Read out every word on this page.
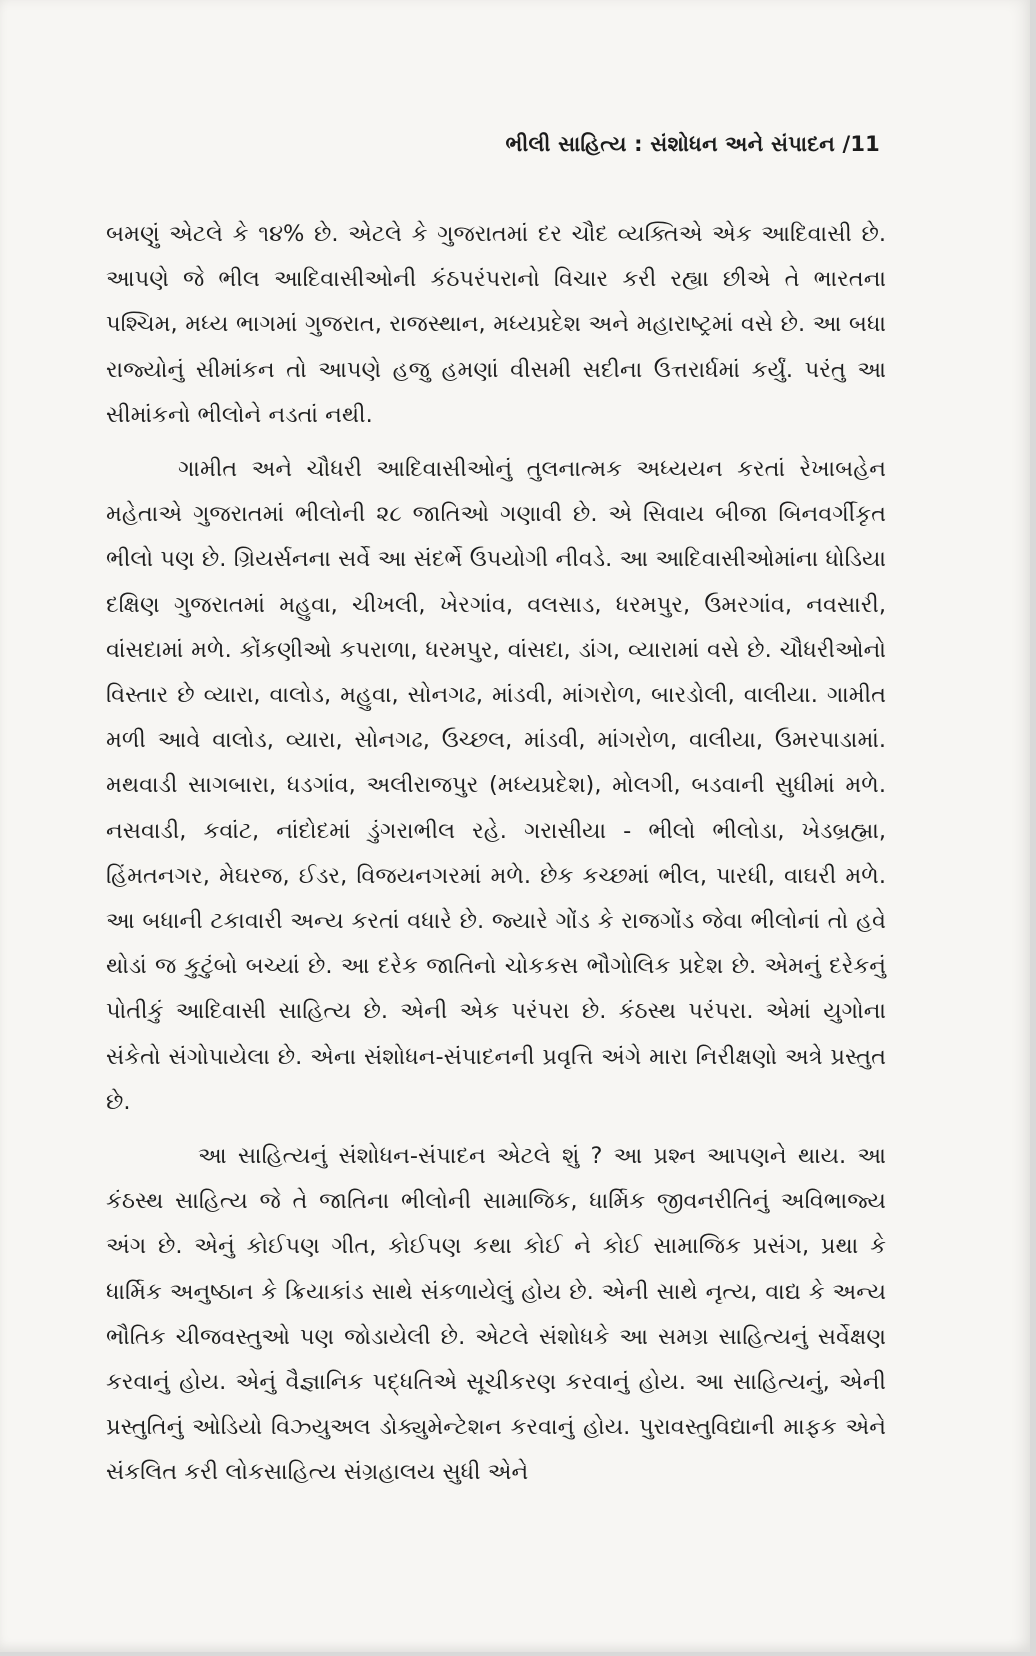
ભીલી સાહિત્ય : સંશોધન અને સંપાદન /11

બમણું એટલે કે ૧૪% છે. એટલે કે ગુજરાતમાં દર ચૌદ વ્યક્તિએ એક આદિવાસી છે. આપણે જે ભીલ આદિવાસીઓની કંઠપરંપરાનો વિચાર કરી રહ્યા છીએ તે ભારતના પશ્ચિમ, મધ્ય ભાગમાં ગુજરાત, રાજસ્થાન, મધ્યપ્રદેશ અને મહારાષ્ટ્રમાં વસે છે. આ બધા રાજ્યોનું સીમાંકન તો આપણે હજુ હમણાં વીસમી સદીના ઉત્તરાર્ધમાં કર્યું. પરંતુ આ સીમાંકનો ભીલોને નડતાં નથી.

ગામીત અને ચૌધરી આદિવાસીઓનું તુલનાત્મક અધ્યયન કરતાં રેખાબહેન મહેતાએ ગુજરાતમાં ભીલોની ૨૮ જાતિઓ ગણાવી છે. એ સિવાય બીજા બિનવર્ગીકૃત ભીલો પણ છે. ગ્રિયર્સનના સર્વે આ સંદર્ભે ઉપયોગી નીવડે. આ આદિવાસીઓમાંના ધોડિયા દક્ષિણ ગુજરાતમાં મહુવા, ચીખલી, ખેરગાંવ, વલસાડ, ધરમપુર, ઉમરગાંવ, નવસારી, વાંસદામાં મળે. કોંકણીઓ કપરાળા, ધરમપુર, વાંસદા, ડાંગ, વ્યારામાં વસે છે. ચૌધરીઓનો વિસ્તાર છે વ્યારા, વાલોડ, મહુવા, સોનગઢ, માંડવી, માંગરોળ, બારડોલી, વાલીયા. ગામીત મળી આવે વાલોડ, વ્યારા, સોનગઢ, ઉચ્છલ, માંડવી, માંગરોળ, વાલીયા, ઉમરપાડામાં. મથવાડી સાગબારા, ધડગાંવ, અલીરાજપુર (મધ્યપ્રદેશ), મોલગી, બડવાની સુધીમાં મળે. નસવાડી, કવાંટ, નાંદોદમાં ડુંગરાભીલ રહે. ગરાસીયા - ભીલો ભીલોડા, ખેડબ્રહ્મા, હિંમતનગર, મેઘરજ, ઈડર, વિજયનગરમાં મળે. છેક કચ્છમાં ભીલ, પારધી, વાઘરી મળે. આ બધાની ટકાવારી અન્ય કરતાં વધારે છે. જ્યારે ગોંડ કે રાજગોંડ જેવા ભીલોનાં તો હવે થોડાં જ કુટુંબો બચ્યાં છે. આ દરેક જાતિનો ચોકકસ ભૌગોલિક પ્રદેશ છે. એમનું દરેકનું પોતીકું આદિવાસી સાહિત્ય છે. એની એક પરંપરા છે. કંઠસ્થ પરંપરા. એમાં યુગોના સંકેતો સંગોપાયેલા છે. એના સંશોધન-સંપાદનની પ્રવૃત્તિ અંગે મારા નિરીક્ષણો અત્રે પ્રસ્તુત છે.

આ સાહિત્યનું સંશોધન-સંપાદન એટલે શું ? આ પ્રશ્ન આપણને થાય. આ કંઠસ્થ સાહિત્ય જે તે જાતિના ભીલોની સામાજિક, ધાર્મિક જીવનરીતિનું અવિભાજ્ય અંગ છે. એનું કોઈપણ ગીત, કોઈપણ કથા કોઈ ને કોઈ સામાજિક પ્રસંગ, પ્રથા કે ધાર્મિક અનુષ્ઠાન કે ક્રિયાકાંડ સાથે સંકળાયેલું હોય છે. એની સાથે નૃત્ય, વાદ્ય કે અન્ય ભૌતિક ચીજવસ્તુઓ પણ જોડાયેલી છે. એટલે સંશોધકે આ સમગ્ર સાહિત્યનું સર્વેક્ષણ કરવાનું હોય. એનું વૈજ્ઞાનિક પદ્ધતિએ સૂચીકરણ કરવાનું હોય. આ સાહિત્યનું, એની પ્રસ્તુતિનું ઓડિયો વિઝ્યુઅલ ડોક્યુમેન્ટેશન કરવાનું હોય. પુરાવસ્તુવિદ્યાની માફક એને સંકલિત કરી લોકસાહિત્ય સંગ્રહાલય સુધી એને
